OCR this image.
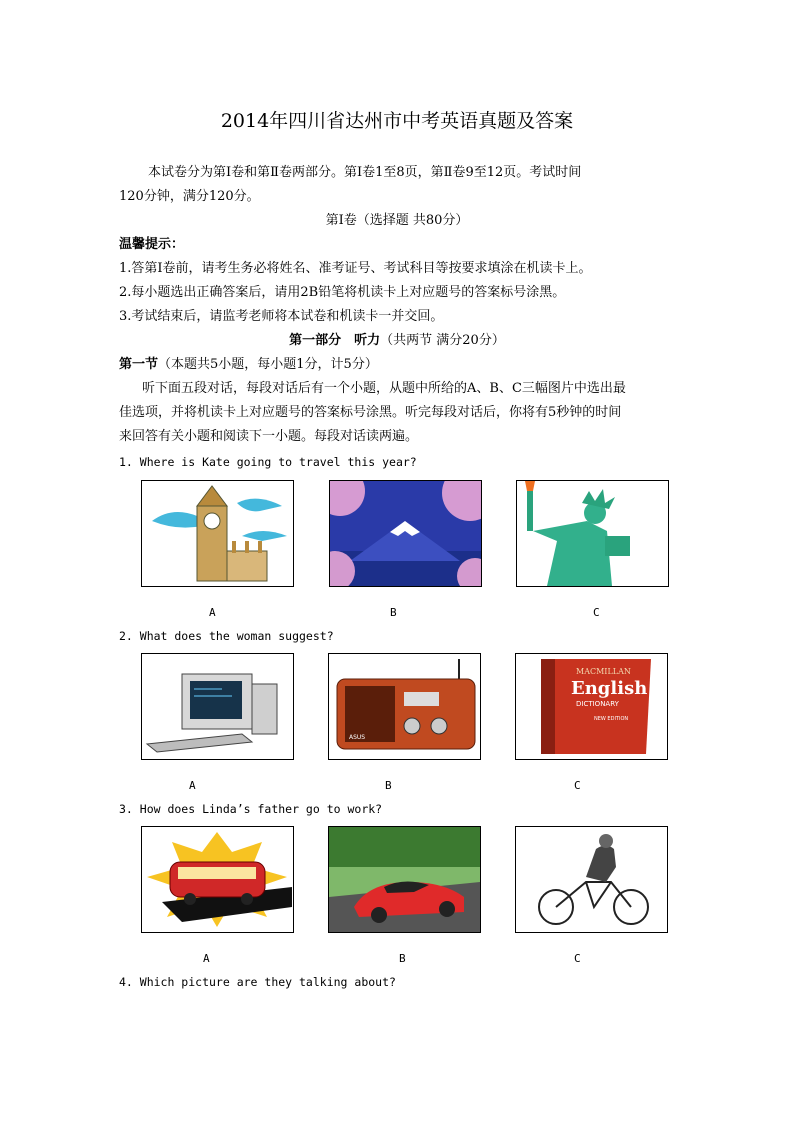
2014年四川省达州市中考英语真题及答案
本试卷分为第Ⅰ卷和第Ⅱ卷两部分。第Ⅰ卷1至8页，第Ⅱ卷9至12页。考试时间
120分钟，满分120分。
第Ⅰ卷（选择题 共80分）
温馨提示：
1.答第Ⅰ卷前，请考生务必将姓名、准考证号、考试科目等按要求填涂在机读卡上。
2.每小题选出正确答案后，请用2B铅笔将机读卡上对应题号的答案标号涂黑。
3.考试结束后，请监考老师将本试卷和机读卡一并交回。
第一部分　听力（共两节 满分20分）
第一节（本题共5小题，每小题1分，计5分）
听下面五段对话，每段对话后有一个小题，从题中所给的A、B、C三幅图片中选出最
佳选项，并将机读卡上对应题号的答案标号涂黑。听完每段对话后，你将有5秒钟的时间
来回答有关小题和阅读下一小题。每段对话读两遍。
1. Where is Kate going to travel this year?
A	B	C
2. What does the woman suggest?
ASUS
MACMILLAN
English
DICTIONARY
NEW EDITION
A	B	C
3. How does Linda’s father go to work?
A	B	C
4. Which picture are they talking about?
